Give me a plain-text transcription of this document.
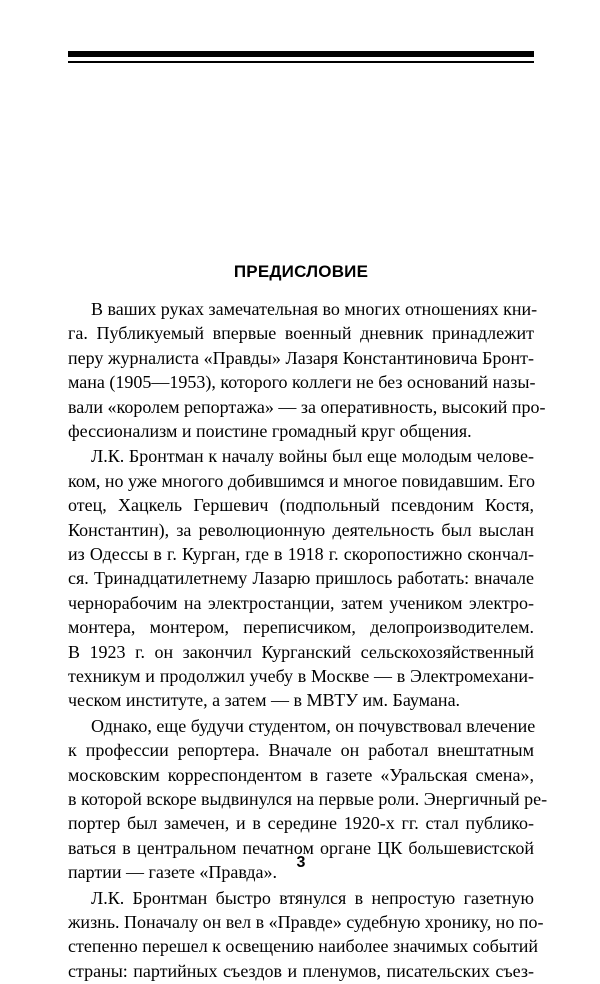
ПРЕДИСЛОВИЕ
3
В ваших руках замечательная во многих отношениях кни-
га. Публикуемый впервые военный дневник принадлежит
перу журналиста «Правды» Лазаря Константиновича Бронт-
мана (1905—1953), которого коллеги не без оснований назы-
вали «королем репортажа» — за оперативность, высокий про-
фессионализм и поистине громадный круг общения.
Л.К. Бронтман к началу войны был еще молодым челове-
ком, но уже многого добившимся и многое повидавшим. Его
отец, Хацкель Гершевич (подпольный псевдоним Костя,
Константин), за революционную деятельность был выслан
из Одессы в г. Курган, где в 1918 г. скоропостижно скончал-
ся. Тринадцатилетнему Лазарю пришлось работать: вначале
чернорабочим на электростанции, затем учеником электро-
монтера, монтером, переписчиком, делопроизводителем.
В 1923 г. он закончил Курганский сельскохозяйственный
техникум и продолжил учебу в Москве — в Электромехани-
ческом институте, а затем — в МВТУ им. Баумана.
Однако, еще будучи студентом, он почувствовал влечение
к профессии репортера. Вначале он работал внештатным
московским корреспондентом в газете «Уральская смена»,
в которой вскоре выдвинулся на первые роли. Энергичный ре-
портер был замечен, и в середине 1920-х гг. стал публико-
ваться в центральном печатном органе ЦК большевистской
партии — газете «Правда».
Л.К. Бронтман быстро втянулся в непростую газетную
жизнь. Поначалу он вел в «Правде» судебную хронику, но по-
степенно перешел к освещению наиболее значимых событий
страны: партийных съездов и пленумов, писательских съез-
